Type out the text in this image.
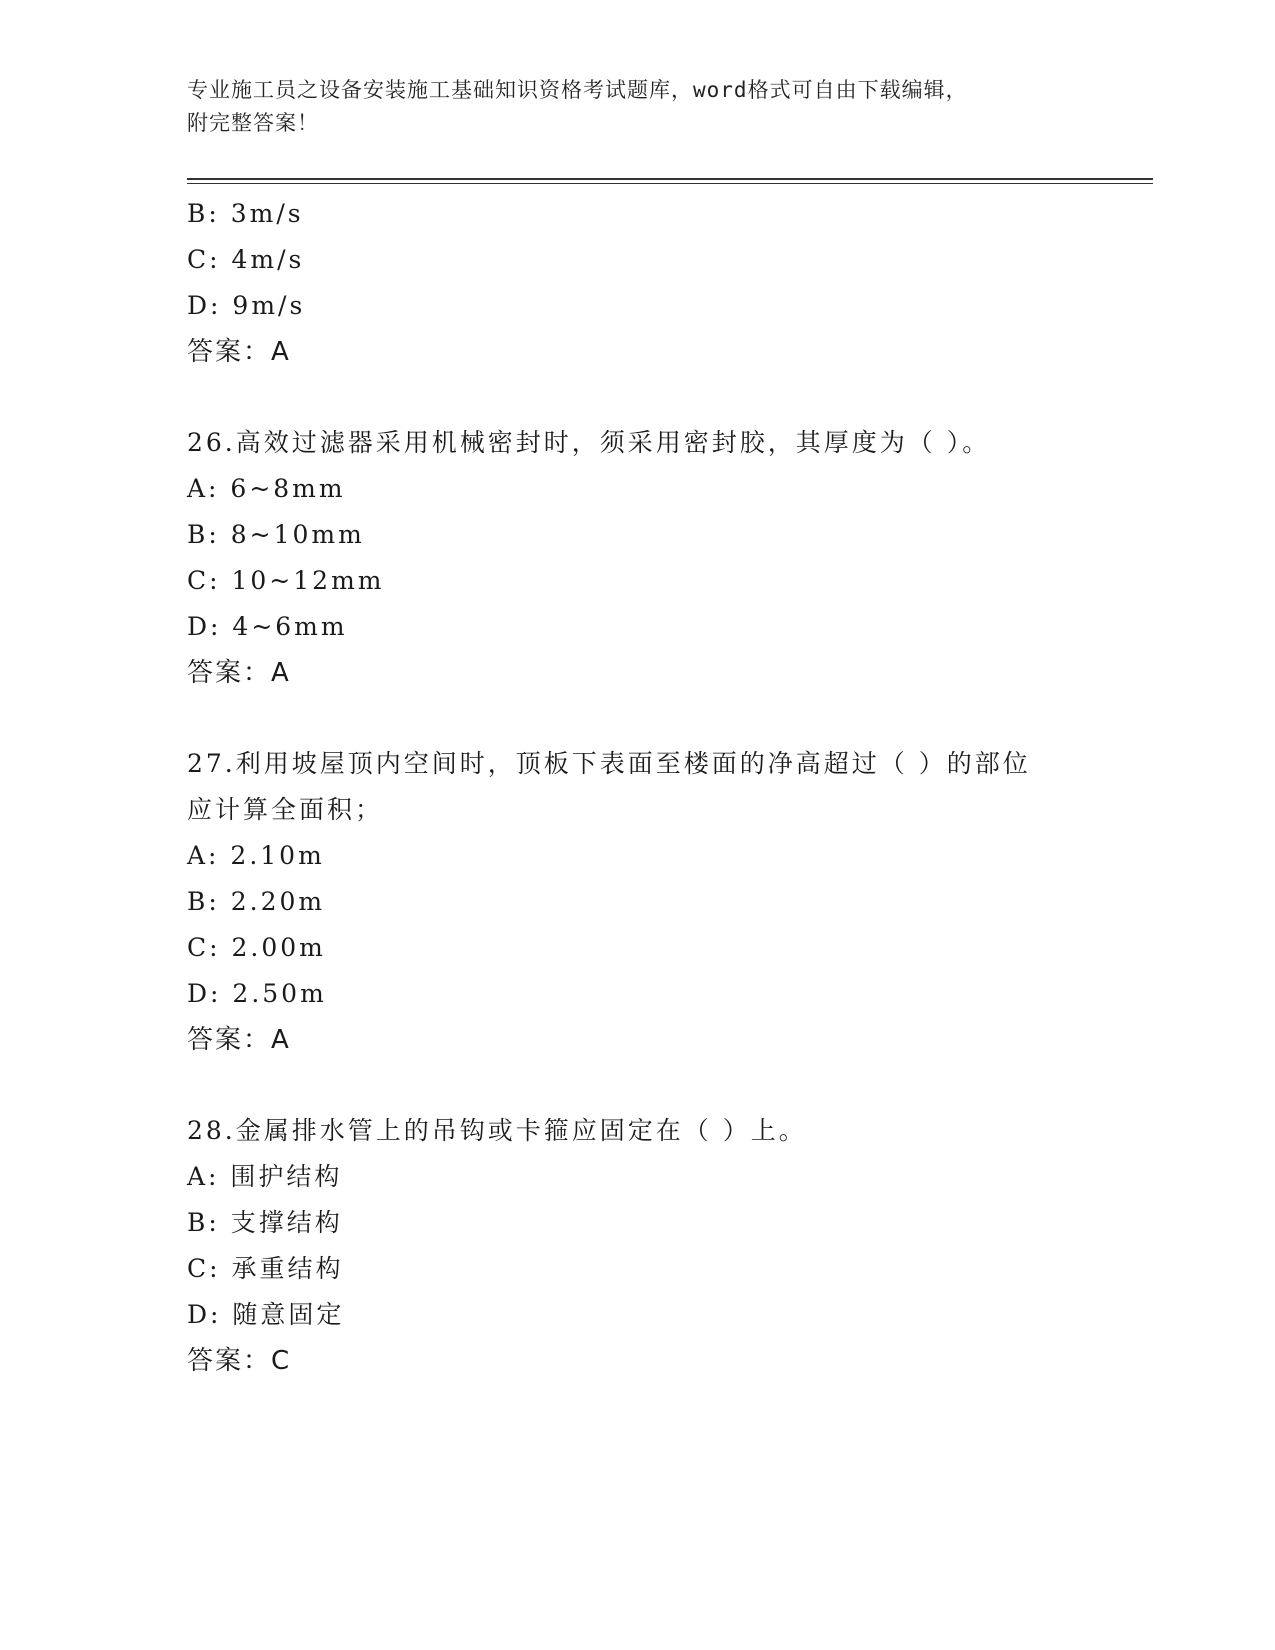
专业施工员之设备安装施工基础知识资格考试题库，word格式可自由下载编辑，
附完整答案！
B: 3m/s
C: 4m/s
D: 9m/s
答案：A
26.高效过滤器采用机械密封时，须采用密封胶，其厚度为（ ）。
A: 6~8mm
B: 8~10mm
C: 10~12mm
D: 4~6mm
答案：A
27.利用坡屋顶内空间时，顶板下表面至楼面的净高超过（ ）的部位
应计算全面积；
A: 2.10m
B: 2.20m
C: 2.00m
D: 2.50m
答案：A
28.金属排水管上的吊钩或卡箍应固定在（ ）上。
A: 围护结构
B: 支撑结构
C: 承重结构
D: 随意固定
答案：C
